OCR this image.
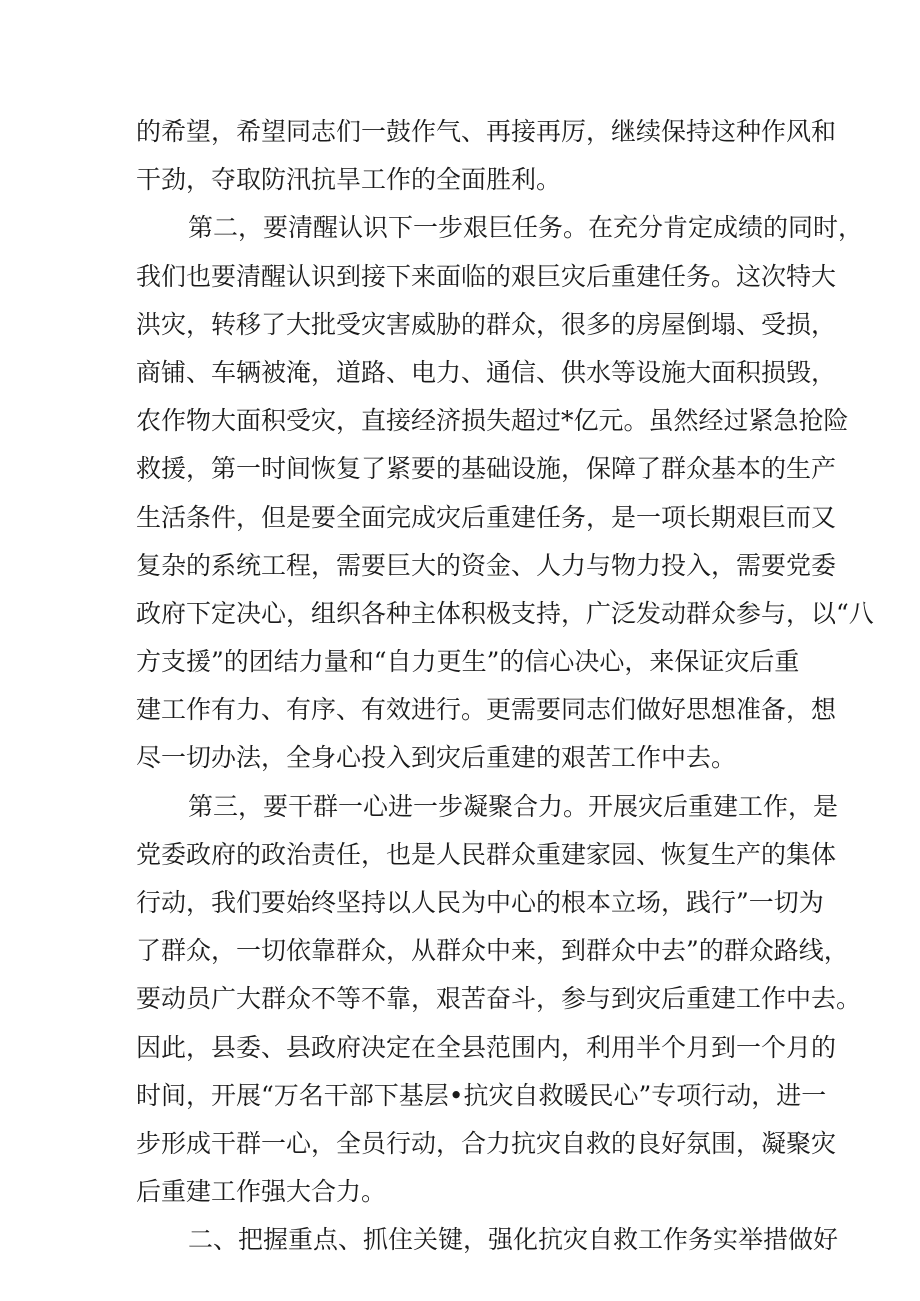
的希望，希望同志们一鼓作气、再接再厉，继续保持这种作风和
干劲，夺取防汛抗旱工作的全面胜利。
第二，要清醒认识下一步艰巨任务。在充分肯定成绩的同时，
我们也要清醒认识到接下来面临的艰巨灾后重建任务。这次特大
洪灾，转移了大批受灾害威胁的群众，很多的房屋倒塌、受损，
商铺、车辆被淹，道路、电力、通信、供水等设施大面积损毁，
农作物大面积受灾，直接经济损失超过*亿元。虽然经过紧急抢险
救援，第一时间恢复了紧要的基础设施，保障了群众基本的生产
生活条件，但是要全面完成灾后重建任务，是一项长期艰巨而又
复杂的系统工程，需要巨大的资金、人力与物力投入，需要党委
政府下定决心，组织各种主体积极支持，广泛发动群众参与，以“八
方支援”的团结力量和“自力更生”的信心决心，来保证灾后重
建工作有力、有序、有效进行。更需要同志们做好思想准备，想
尽一切办法，全身心投入到灾后重建的艰苦工作中去。
第三，要干群一心进一步凝聚合力。开展灾后重建工作，是
党委政府的政治责任，也是人民群众重建家园、恢复生产的集体
行动，我们要始终坚持以人民为中心的根本立场，践行”一切为
了群众，一切依靠群众，从群众中来，到群众中去”的群众路线，
要动员广大群众不等不靠，艰苦奋斗，参与到灾后重建工作中去。
因此，县委、县政府决定在全县范围内，利用半个月到一个月的
时间，开展“万名干部下基层•抗灾自救暖民心”专项行动，进一
步形成干群一心，全员行动，合力抗灾自救的良好氛围，凝聚灾
后重建工作强大合力。
二、把握重点、抓住关键，强化抗灾自救工作务实举措做好
